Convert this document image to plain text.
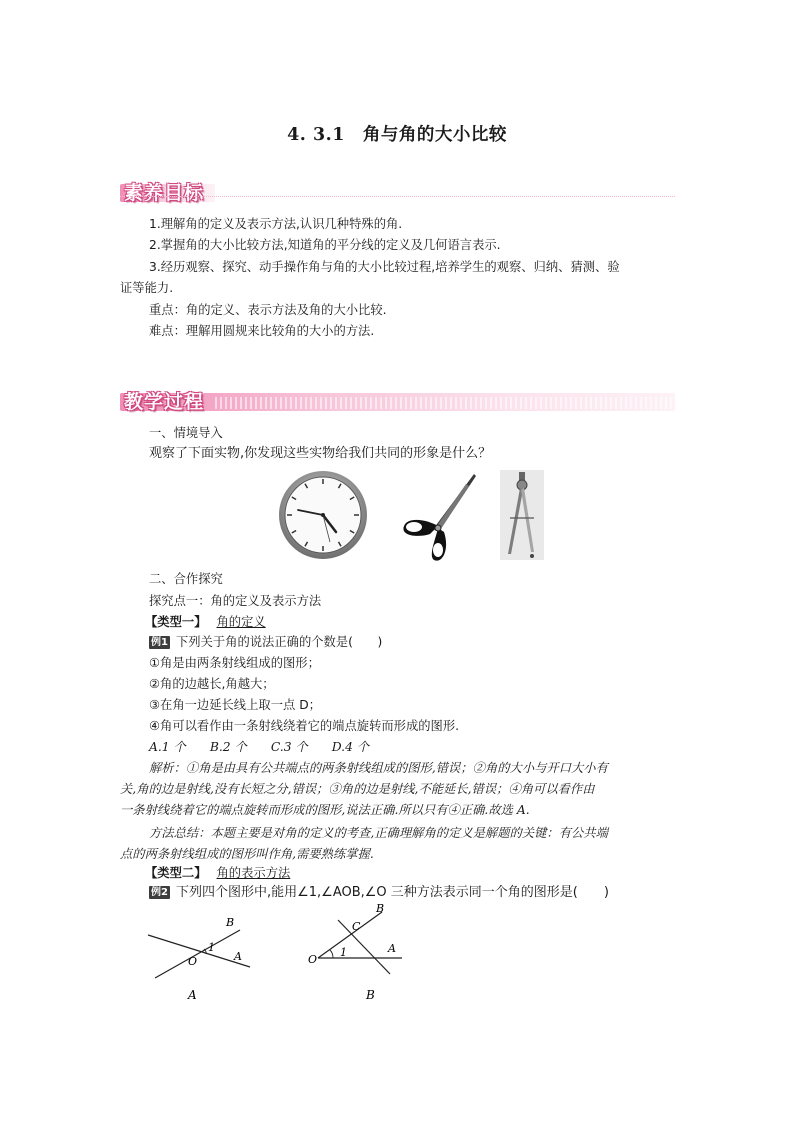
4. 3.1　角与角的大小比较
素养目标
1.理解角的定义及表示方法,认识几种特殊的角.
2.掌握角的大小比较方法,知道角的平分线的定义及几何语言表示.
3.经历观察、探究、动手操作角与角的大小比较过程,培养学生的观察、归纳、猜测、验
证等能力.
重点：角的定义、表示方法及角的大小比较.
难点：理解用圆规来比较角的大小的方法.
教学过程
一、情境导入
观察了下面实物,你发现这些实物给我们共同的形象是什么？
二、合作探究
探究点一：角的定义及表示方法
【类型一】 角的定义
例1 下列关于角的说法正确的个数是(　　)
①角是由两条射线组成的图形；
②角的边越长,角越大；
③在角一边延长线上取一点 D；
④角可以看作由一条射线绕着它的端点旋转而形成的图形.
A.1 个 B.2 个 C.3 个 D.4 个
解析：①角是由具有公共端点的两条射线组成的图形,错误；②角的大小与开口大小有
关,角的边是射线,没有长短之分,错误；③角的边是射线,不能延长,错误；④角可以看作由
一条射线绕着它的端点旋转而形成的图形,说法正确.所以只有④正确.故选 A.
方法总结：本题主要是对角的定义的考查,正确理解角的定义是解题的关键：有公共端
点的两条射线组成的图形叫作角,需要熟练掌握.
【类型二】 角的表示方法
例2 下列四个图形中,能用∠1,∠AOB,∠O 三种方法表示同一个角的图形是(　　)
B
1
O	A
A
B
C
A
O
1
B
